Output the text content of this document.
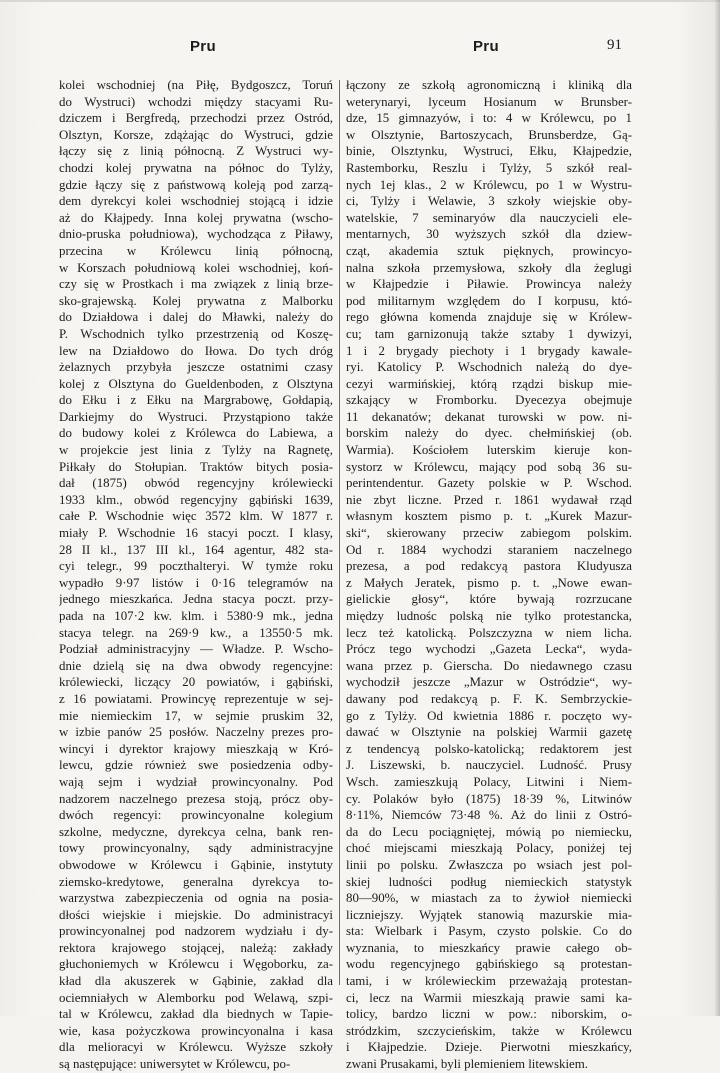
Pru	Pru	91
kolei wschodniej (na Piłę, Bydgoszcz, Toruń
do Wystruci) wchodzi między stacyami Ru-
dziczem i Bergfredą, przechodzi przez Ostród,
Olsztyn, Korsze, zdążając do Wystruci, gdzie
łączy się z linią północną. Z Wystruci wy-
chodzi kolej prywatna na północ do Tylży,
gdzie łączy się z państwową koleją pod zarzą-
dem dyrekcyi kolei wschodniej stojącą i idzie
aż do Kłajpedy. Inna kolej prywatna (wscho-
dnio-pruska południowa), wychodząca z Piławy,
przecina w Królewcu linią północną,
w Korszach południową kolei wschodniej, koń-
czy się w Prostkach i ma związek z linią brze-
sko-grajewską. Kolej prywatna z Malborku
do Działdowa i dalej do Mławki, należy do
P. Wschodnich tylko przestrzenią od Koszę-
lew na Działdowo do Iłowa. Do tych dróg
żelaznych przybyła jeszcze ostatnimi czasy
kolej z Olsztyna do Gueldenboden, z Olsztyna
do Ełku i z Ełku na Margrabowę, Gołdapią,
Darkiejmy do Wystruci. Przystąpiono także
do budowy kolei z Królewca do Labiewa, a
w projekcie jest linia z Tylży na Ragnetę,
Piłkały do Stołupian. Traktów bitych posia-
dał (1875) obwód regencyjny królewiecki
1933 klm., obwód regencyjny gąbiński 1639,
całe P. Wschodnie więc 3572 klm. W 1877 r.
miały P. Wschodnie 16 stacyi poczt. I klasy,
28 II kl., 137 III kl., 164 agentur, 482 sta-
cyi telegr., 99 poczthalteryi. W tymże roku
wypadło 9·97 listów i 0·16 telegramów na
jednego mieszkańca. Jedna stacya poczt. przy-
pada na 107·2 kw. klm. i 5380·9 mk., jedna
stacya telegr. na 269·9 kw., a 13550·5 mk.
Podział administracyjny — Władze. P. Wscho-
dnie dzielą się na dwa obwody regencyjne:
królewiecki, liczący 20 powiatów, i gąbiński,
z 16 powiatami. Prowincyę reprezentuje w sej-
mie niemieckim 17, w sejmie pruskim 32,
w izbie panów 25 posłów. Naczelny prezes pro-
wincyi i dyrektor krajowy mieszkają w Kró-
lewcu, gdzie również swe posiedzenia odby-
wają sejm i wydział prowincyonalny. Pod
nadzorem naczelnego prezesa stoją, prócz oby-
dwóch regencyi: prowincyonalne kolegium
szkolne, medyczne, dyrekcya celna, bank ren-
towy prowincyonalny, sądy administracyjne
obwodowe w Królewcu i Gąbinie, instytuty
ziemsko-kredytowe, generalna dyrekcya to-
warzystwa zabezpieczenia od ognia na posia-
dłości wiejskie i miejskie. Do administracyi
prowincyonalnej pod nadzorem wydziału i dy-
rektora krajowego stojącej, należą: zakłady
głuchoniemych w Królewcu i Węgoborku, za-
kład dla akuszerek w Gąbinie, zakład dla
ociemniałych w Alemborku pod Welawą, szpi-
tal w Królewcu, zakład dla biednych w Tapie-
wie, kasa pożyczkowa prowincyonalna i kasa
dla melioracyi w Królewcu. Wyższe szkoły
są następujące: uniwersytet w Królewcu, po-
łączony ze szkołą agronomiczną i kliniką dla
weterynaryi, lyceum Hosianum w Brunsber-
dze, 15 gimnazyów, i to: 4 w Królewcu, po 1
w Olsztynie, Bartoszycach, Brunsberdze, Gą-
binie, Olsztynku, Wystruci, Ełku, Kłajpedzie,
Rastemborku, Reszlu i Tylży, 5 szkół real-
nych 1ej klas., 2 w Królewcu, po 1 w Wystru-
ci, Tylży i Welawie, 3 szkoły wiejskie oby-
watelskie, 7 seminaryów dla nauczycieli ele-
mentarnych, 30 wyższych szkół dla dziew-
cząt, akademia sztuk pięknych, prowincyo-
nalna szkoła przemysłowa, szkoły dla żeglugi
w Kłajpedzie i Piławie. Prowincya należy
pod militarnym względem do I korpusu, któ-
rego główna komenda znajduje się w Królew-
cu; tam garnizonują także sztaby 1 dywizyi,
1 i 2 brygady piechoty i 1 brygady kawale-
ryi. Katolicy P. Wschodnich należą do dye-
cezyi warmińskiej, którą rządzi biskup mie-
szkający w Fromborku. Dyecezya obejmuje
11 dekanatów; dekanat turowski w pow. ni-
borskim należy do dyec. chełmińskiej (ob.
Warmia). Kościołem luterskim kieruje kon-
systorz w Królewcu, mający pod sobą 36 su-
perintendentur. Gazety polskie w P. Wschod.
nie zbyt liczne. Przed r. 1861 wydawał rząd
własnym kosztem pismo p. t. „Kurek Mazur-
ski“, skierowany przeciw zabiegom polskim.
Od r. 1884 wychodzi staraniem naczelnego
prezesa, a pod redakcyą pastora Kludyusza
z Małych Jeratek, pismo p. t. „Nowe ewan-
gielickie głosy“, które bywają rozrzucane
między ludnośc polską nie tylko protestancka,
lecz też katolicką. Polszczyzna w niem licha.
Prócz tego wychodzi „Gazeta Lecka“, wyda-
wana przez p. Gierscha. Do niedawnego czasu
wychodził jeszcze „Mazur w Ostródzie“, wy-
dawany pod redakcyą p. F. K. Sembrzyckie-
go z Tylży. Od kwietnia 1886 r. poczęto wy-
dawać w Olsztynie na polskiej Warmii gazetę
z tendencyą polsko-katolicką; redaktorem jest
J. Liszewski, b. nauczyciel. Ludność. Prusy
Wsch. zamieszkują Polacy, Litwini i Niem-
cy. Polaków było (1875) 18·39 %, Litwinów
8·11%, Niemców 73·48 %. Aż do linii z Ostró-
da do Lecu pociągniętej, mówią po niemiecku,
choć miejscami mieszkają Polacy, poniżej tej
linii po polsku. Zwłaszcza po wsiach jest pol-
skiej ludności podług niemieckich statystyk
80—90%, w miastach za to żywioł niemiecki
liczniejszy. Wyjątek stanowią mazurskie mia-
sta: Wielbark i Pasym, czysto polskie. Co do
wyznania, to mieszkańcy prawie całego ob-
wodu regencyjnego gąbińskiego są protestan-
tami, i w królewieckim przeważają protestan-
ci, lecz na Warmii mieszkają prawie sami ka-
tolicy, bardzo liczni w pow.: niborskim, o-
stródzkim, szczycieńskim, także w Królewcu
i Kłajpedzie. Dzieje. Pierwotni mieszkańcy,
zwani Prusakami, byli plemieniem litewskiem.
